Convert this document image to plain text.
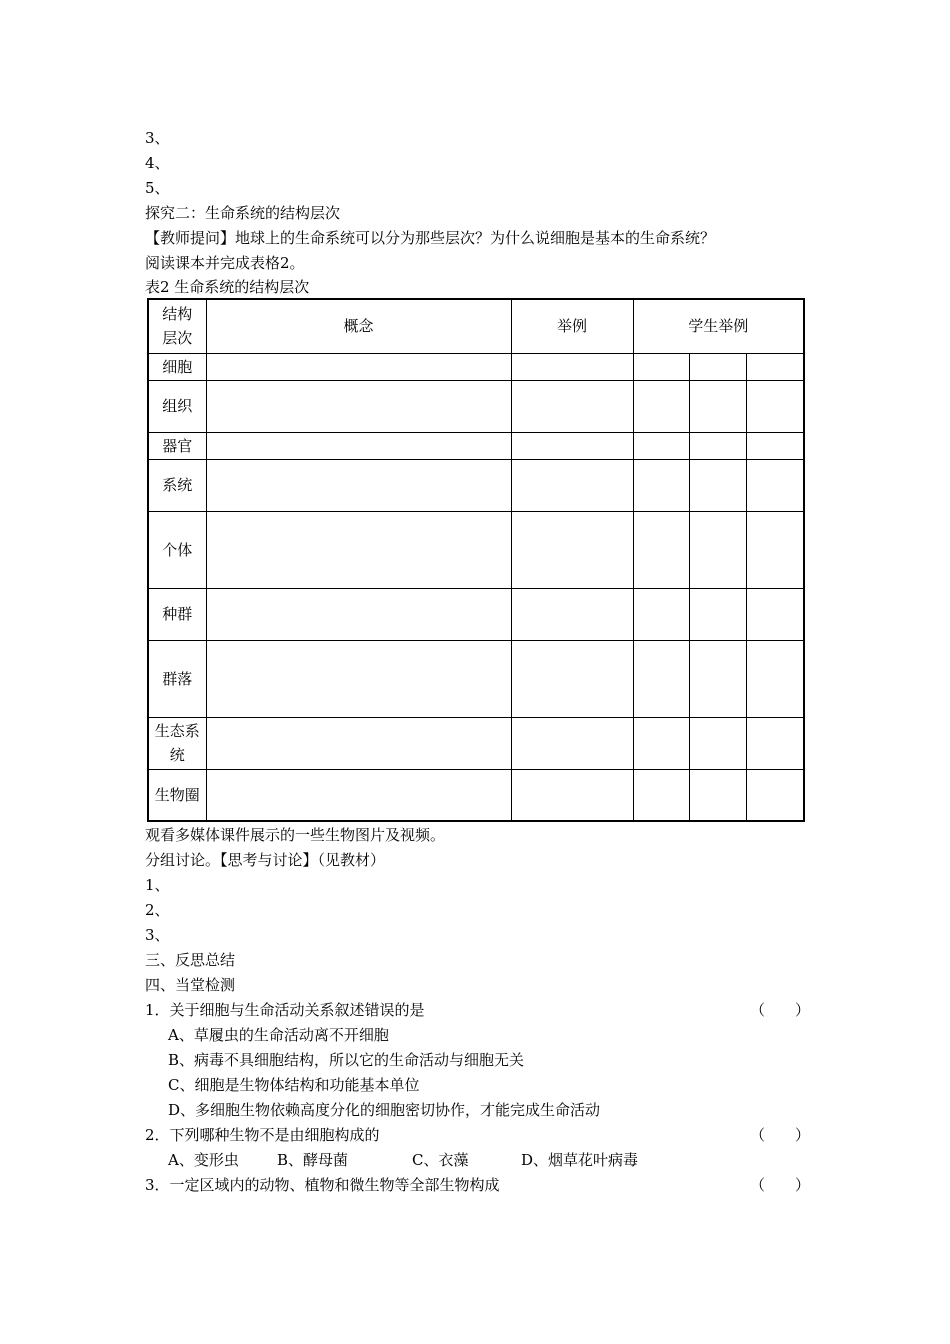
3、
4、
5、
探究二：生命系统的结构层次
【教师提问】地球上的生命系统可以分为那些层次？为什么说细胞是基本的生命系统？
阅读课本并完成表格2。
表2 生命系统的结构层次
结构层次	概念	举例	学生举例		
细胞					
组织					
器官					
系统					
个体					
种群					
群落					
生态系统					
生物圈					
观看多媒体课件展示的一些生物图片及视频。
分组讨论。【思考与讨论】（见教材）
1、
2、
3、
三、反思总结
四、当堂检测
1．关于细胞与生命活动关系叙述错误的是	（　　）
A、草履虫的生命活动离不开细胞
B、病毒不具细胞结构，所以它的生命活动与细胞无关
C、细胞是生物体结构和功能基本单位
D、多细胞生物依赖高度分化的细胞密切协作，才能完成生命活动
2．下列哪种生物不是由细胞构成的	（　　）
A、变形虫	B、酵母菌	C、衣藻	D、烟草花叶病毒
3．一定区域内的动物、植物和微生物等全部生物构成	（　　）
